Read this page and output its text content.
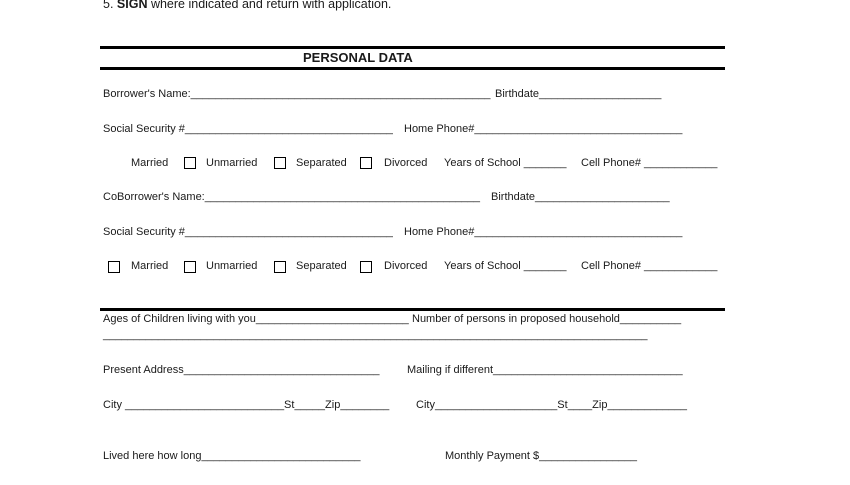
5. SIGN where indicated and return with application.
PERSONAL DATA
Borrower's Name:_________________________________________________ Birthdate____________________
Social Security #__________________________________ Home Phone#__________________________________
Married	Unmarried	Separated	Divorced Years of School _______ Cell Phone# ____________
CoBorrower's Name:_____________________________________________ Birthdate______________________
Social Security #__________________________________ Home Phone#__________________________________
Married	Unmarried	Separated	Divorced Years of School _______ Cell Phone# ____________
Ages of Children living with you_________________________ Number of persons in proposed household__________
_________________________________________________________________________________________
Present Address________________________________	Mailing if different_______________________________
City __________________________St_____Zip________ City____________________St____Zip_____________
Lived here how long__________________________	Monthly Payment $________________
